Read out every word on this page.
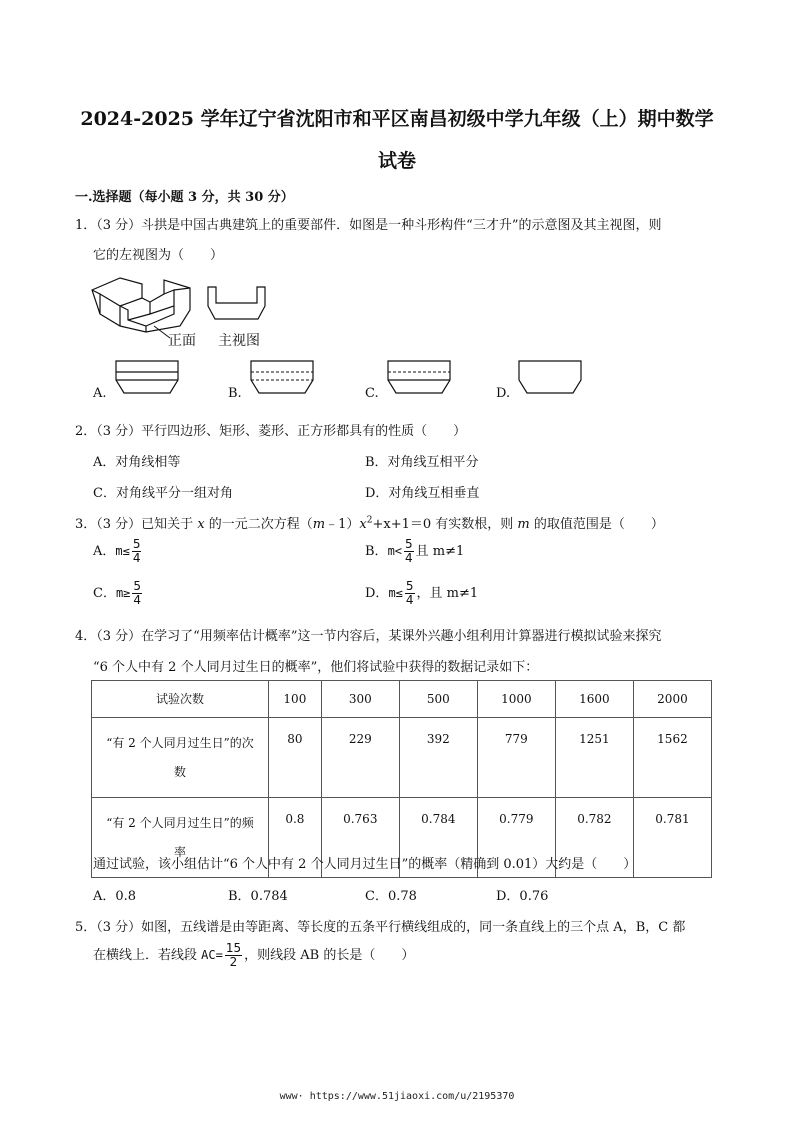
2024-2025 学年辽宁省沈阳市和平区南昌初级中学九年级（上）期中数学
试卷
一.选择题（每小题 3 分，共 30 分）
1．（3 分）斗拱是中国古典建筑上的重要部件．如图是一种斗形构件“三才升”的示意图及其主视图，则
它的左视图为（　　）
正面 主视图
A.	B.	C.	D.
2．（3 分）平行四边形、矩形、菱形、正方形都具有的性质（　　）
A．对角线相等	B．对角线互相平分
C．对角线平分一组对角	D．对角线互相垂直
3．（3 分）已知关于 x 的一元二次方程$(m﹣1)x^2+x+1=0$ 有实数根，则 m 的取值范围是（　　）
A．$m\le \frac{5}{4}$	B．$m< \frac{5}{4}$ 且 m≠1
C．$m\ge \frac{5}{4}$	D．$m\le \frac{5}{4}$ ，且 m≠1
4．（3 分）在学习了“用频率估计概率”这一节内容后，某课外兴趣小组利用计算器进行模拟试验来探究
“6 个人中有 2 个人同月过生日的概率”，他们将试验中获得的数据记录如下：
试验次数	100	300	500	1000	1600	2000

“有 2 个人同月过生日”的次
数	80	229	392	779	1251	1562

“有 2 个人同月过生日”的频
率	0.8	0.763	0.784	0.779	0.782	0.781
通过试验，该小组估计“6 个人中有 2 个人同月过生日”的概率（精确到 0.01）大约是（　　）
A．0.8	B．0.784	C．0.78	D．0.76
5．（3 分）如图，五线谱是由等距离、等长度的五条平行横线组成的，同一条直线上的三个点 A，B，C 都
在横线上．若线段 $AC= \frac{15}{2}$ ，则线段 AB 的长是（　　）
www· https://www.51jiaoxi.com/u/2195370
